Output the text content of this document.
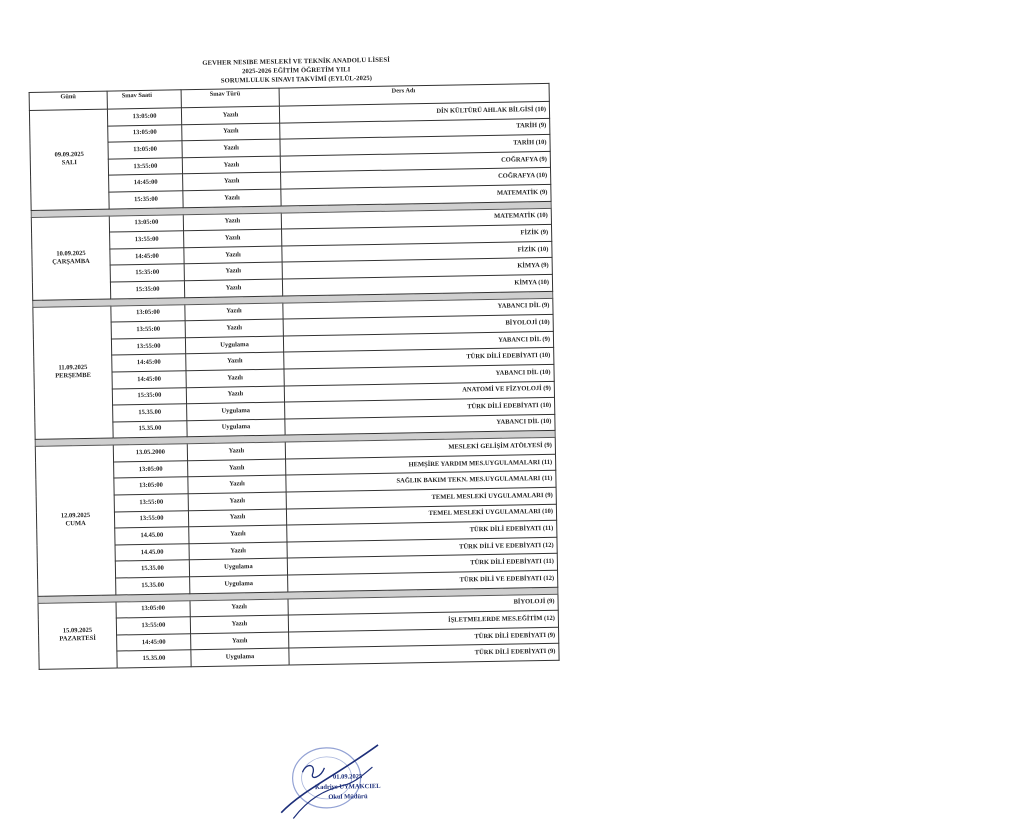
GEVHER NESIBE MESLEKİ VE TEKNİK ANADOLU LİSESİ
2025-2026 EĞİTİM ÖĞRETİM YILI
SORUMLULUK SINAVI TAKVİMİ (EYLÜL-2025)
Günü	Sınav Saati	Sınav Türü	Ders Adı

09.09.2025
SALI	13:05:00	Yazılı	DİN KÜLTÜRÜ AHLAK BİLGİSİ (10)
	13:05:00	Yazılı	TARİH (9)
	13:05:00	Yazılı	TARİH (10)
	13:55:00	Yazılı	COĞRAFYA (9)
	14:45:00	Yazılı	COĞRAFYA (10)
	15:35:00	Yazılı	MATEMATİK (9)

10.09.2025
ÇARŞAMBA	13:05:00	Yazılı	MATEMATİK (10)
	13:55:00	Yazılı	FİZİK (9)
	14:45:00	Yazılı	FİZİK (10)
	15:35:00	Yazılı	KİMYA (9)
	15:35:00	Yazılı	KİMYA (10)

11.09.2025
PERŞEMBE	13:05:00	Yazılı	YABANCI DİL (9)
	13:55:00	Yazılı	BİYOLOJİ (10)
	13:55:00	Uygulama	YABANCI DİL (9)
	14:45:00	Yazılı	TÜRK DİLİ EDEBİYATI (10)
	14:45:00	Yazılı	YABANCI DİL (10)
	15:35:00	Yazılı	ANATOMİ VE FİZYOLOJİ (9)
	15.35.00	Uygulama	TÜRK DİLİ EDEBİYATI (10)
	15.35.00	Uygulama	YABANCI DİL (10)

12.09.2025
CUMA	13.05.2000	Yazılı	MESLEKİ GELİŞİM ATÖLYESİ (9)
	13:05:00	Yazılı	HEMŞİRE YARDIM MES.UYGULAMALARI (11)
	13:05:00	Yazılı	SAĞLIK BAKIM TEKN. MES.UYGULAMALARI (11)
	13:55:00	Yazılı	TEMEL MESLEKİ UYGULAMALARI (9)
	13:55:00	Yazılı	TEMEL MESLEKİ UYGULAMALARI (10)
	14.45.00	Yazılı	TÜRK DİLİ EDEBİYATI (11)
	14.45.00	Yazılı	TÜRK DİLİ VE EDEBİYATI (12)
	15.35.00	Uygulama	TÜRK DİLİ EDEBİYATI (11)
	15.35.00	Uygulama	TÜRK DİLİ VE EDEBİYATI (12)

15.09.2025
PAZARTESİ	13:05:00	Yazılı	BİYOLOJİ (9)
	13:55:00	Yazılı	İŞLETMELERDE MES.EĞİTİM (12)
	14:45:00	Yazılı	TÜRK DİLİ EDEBİYATI (9)
	15.35.00	Uygulama	TÜRK DİLİ EDEBİYATI (9)
01.09.2025
Kadriye UYMAKCIEL
Okul Müdürü
